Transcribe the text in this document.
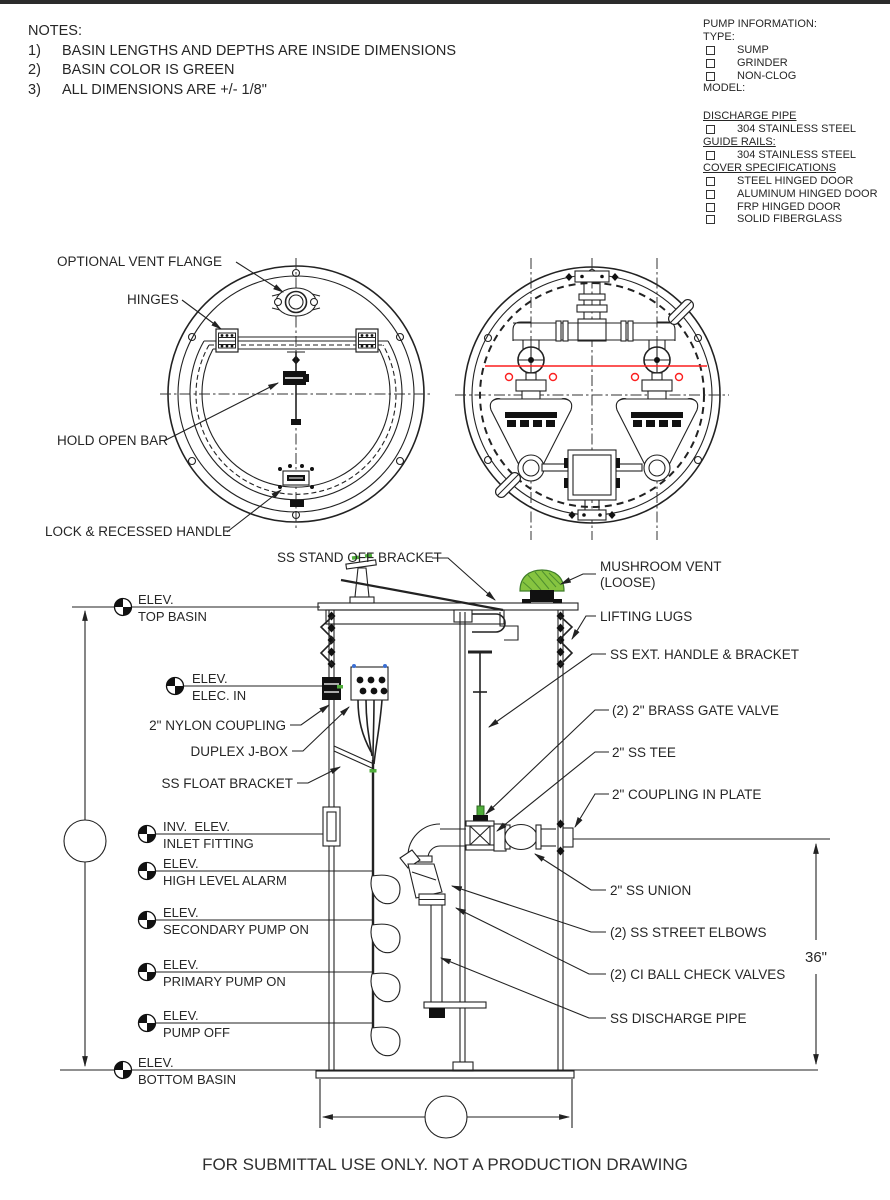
NOTES:
1)	BASIN LENGTHS AND DEPTHS ARE INSIDE DIMENSIONS
2)	BASIN COLOR IS GREEN
3)	ALL DIMENSIONS ARE +/- 1/8"
PUMP INFORMATION:
TYPE:
SUMP
GRINDER
NON-CLOG
MODEL:
DISCHARGE PIPE
304 STAINLESS STEEL
GUIDE RAILS:
304 STAINLESS STEEL
COVER SPECIFICATIONS
STEEL HINGED DOOR
ALUMINUM HINGED DOOR
FRP HINGED DOOR
SOLID FIBERGLASS
OPTIONAL VENT FLANGE
HINGES
HOLD OPEN BAR
LOCK & RECESSED HANDLE
36"
ELEV.
TOP BASIN
ELEV.
ELEC. IN
INV.  ELEV.
INLET FITTING
ELEV.
HIGH LEVEL ALARM
ELEV.
SECONDARY PUMP ON
ELEV.
PRIMARY PUMP ON
ELEV.
PUMP OFF
ELEV.
BOTTOM BASIN
SS STAND OFF BRACKET
MUSHROOM VENT
(LOOSE)
LIFTING LUGS
SS EXT. HANDLE & BRACKET
(2) 2" BRASS GATE VALVE
2" SS TEE
2" COUPLING IN PLATE
2" SS UNION
(2) SS STREET ELBOWS
(2) CI BALL CHECK VALVES
SS DISCHARGE PIPE
2" NYLON COUPLING
DUPLEX J-BOX
SS FLOAT BRACKET
FOR SUBMITTAL USE ONLY. NOT A PRODUCTION DRAWING
